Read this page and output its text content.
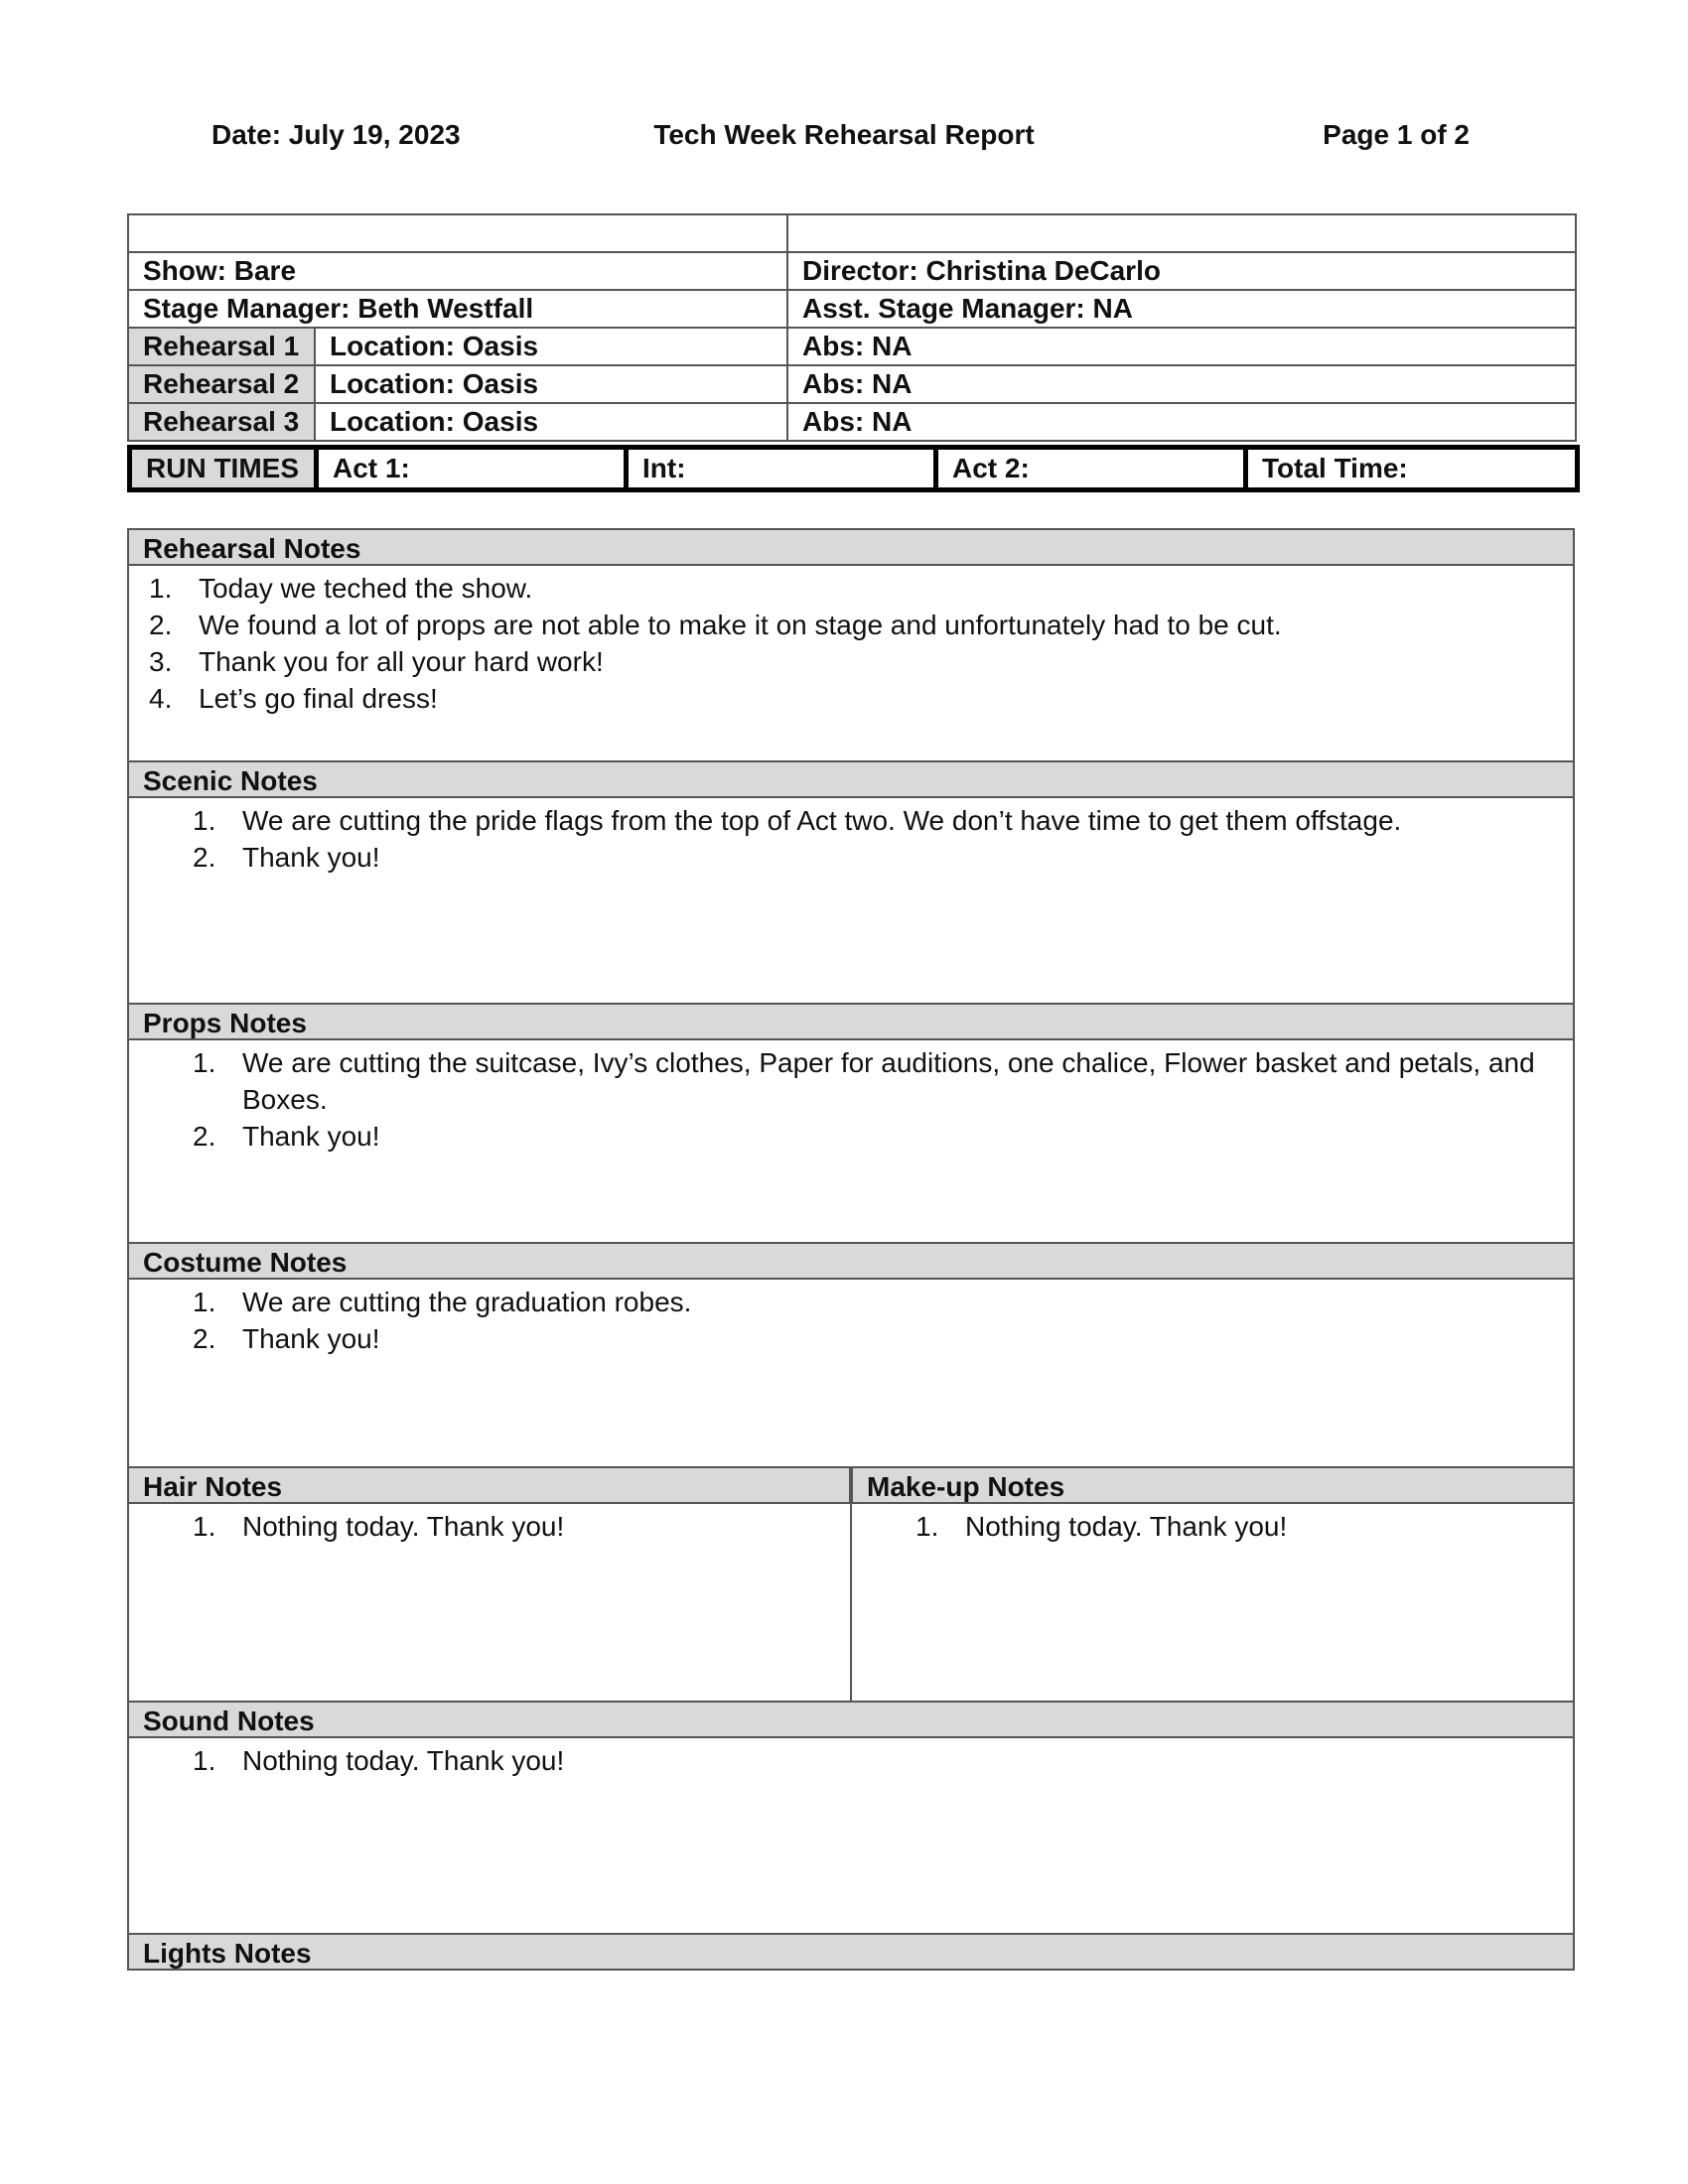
Date: July 19, 2023	Tech Week Rehearsal Report	Page 1 of 2

Show: Bare		Director: Christina DeCarlo
Stage Manager: Beth Westfall		Asst. Stage Manager: NA
Rehearsal 1	Location: Oasis	Abs: NA
Rehearsal 2	Location: Oasis	Abs: NA
Rehearsal 3	Location: Oasis	Abs: NA
RUN TIMES	Act 1:	Int:	Act 2:	Total Time:
Rehearsal Notes
1. Today we teched the show.
2. We found a lot of props are not able to make it on stage and unfortunately had to be cut.
3. Thank you for all your hard work!
4. Let’s go final dress!
Scenic Notes
1. We are cutting the pride flags from the top of Act two. We don’t have time to get them offstage.
2. Thank you!
Props Notes
1. We are cutting the suitcase, Ivy’s clothes, Paper for auditions, one chalice, Flower basket and petals, and Boxes.
2. Thank you!
Costume Notes
1. We are cutting the graduation robes.
2. Thank you!
Hair Notes
1. Nothing today. Thank you!
Make-up Notes
1. Nothing today. Thank you!
Sound Notes
1. Nothing today. Thank you!
Lights Notes
